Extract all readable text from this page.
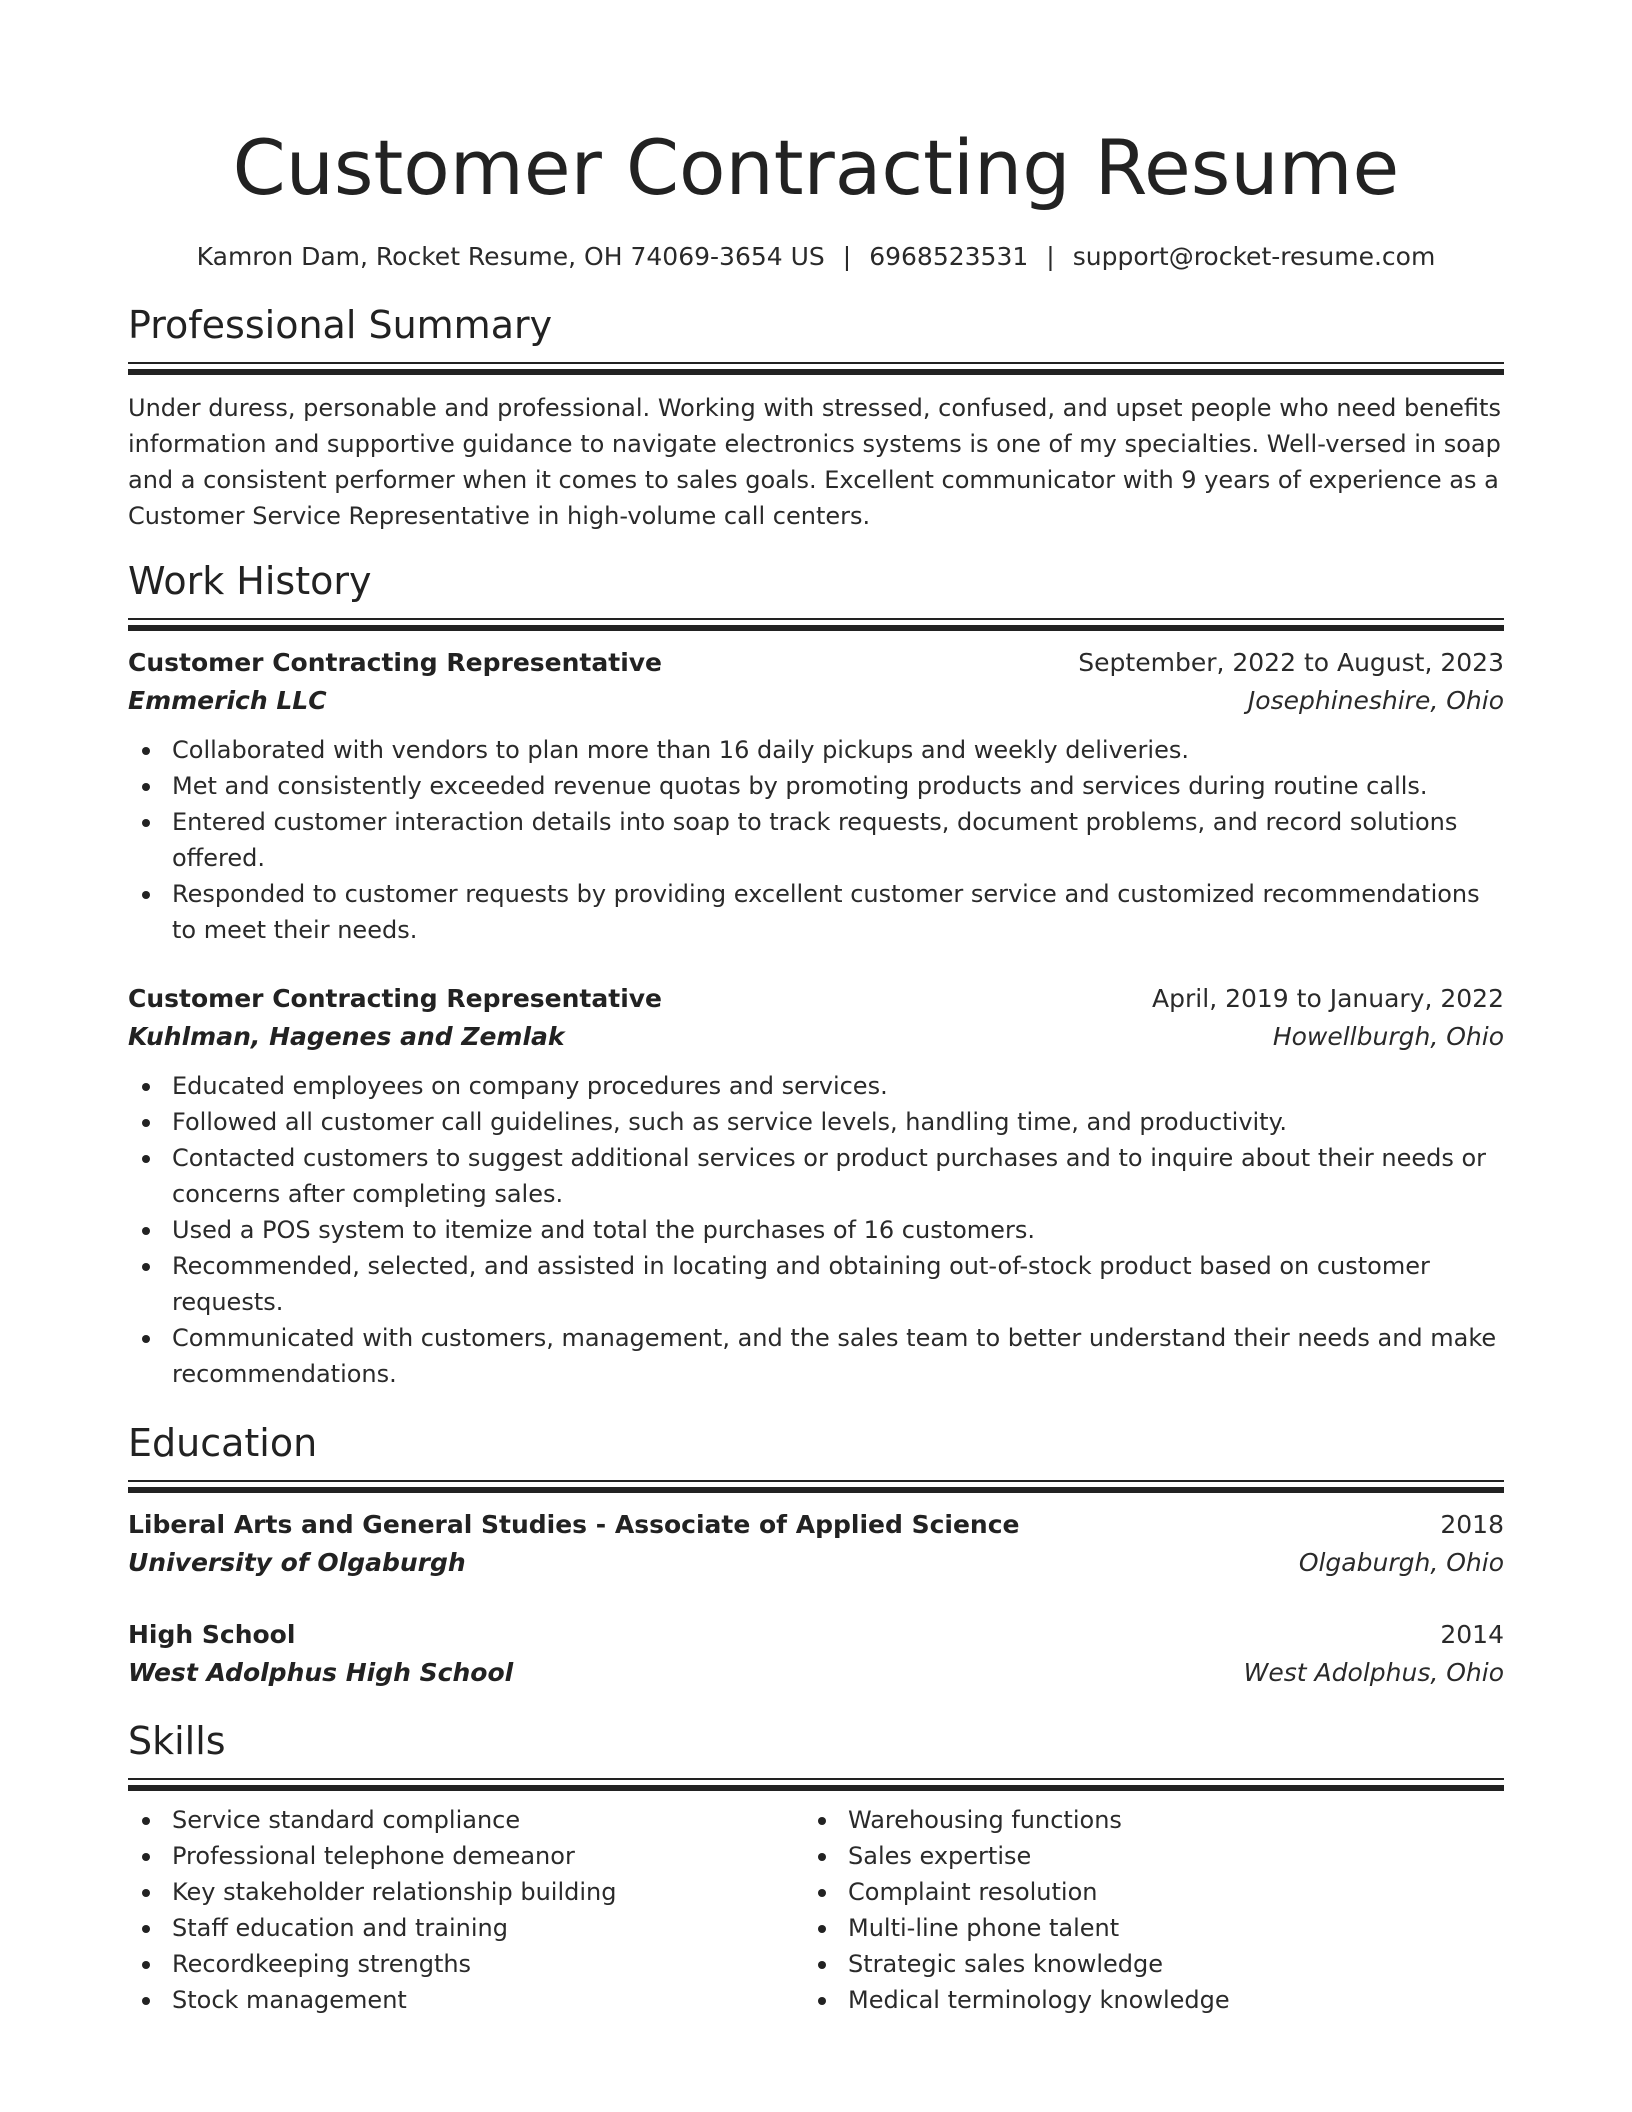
Customer Contracting Resume
Kamron Dam, Rocket Resume, OH 74069-3654 US | 6968523531 | support@rocket-resume.com
Professional Summary

Under duress, personable and professional. Working with stressed, confused, and upset people who need benefits information and supportive guidance to navigate electronics systems is one of my specialties. Well-versed in soap and a consistent performer when it comes to sales goals. Excellent communicator with 9 years of experience as a Customer Service Representative in high-volume call centers.

Work History
Customer Contracting Representative	September, 2022 to August, 2023
Emmerich LLC	Josephineshire, Ohio
Collaborated with vendors to plan more than 16 daily pickups and weekly deliveries.
Met and consistently exceeded revenue quotas by promoting products and services during routine calls.
Entered customer interaction details into soap to track requests, document problems, and record solutions offered.
Responded to customer requests by providing excellent customer service and customized recommendations to meet their needs.
Customer Contracting Representative	April, 2019 to January, 2022
Kuhlman, Hagenes and Zemlak	Howellburgh, Ohio
Educated employees on company procedures and services.
Followed all customer call guidelines, such as service levels, handling time, and productivity.
Contacted customers to suggest additional services or product purchases and to inquire about their needs or concerns after completing sales.
Used a POS system to itemize and total the purchases of 16 customers.
Recommended, selected, and assisted in locating and obtaining out-of-stock product based on customer requests.
Communicated with customers, management, and the sales team to better understand their needs and make recommendations.
Education
Liberal Arts and General Studies - Associate of Applied Science	2018
University of Olgaburgh	Olgaburgh, Ohio
High School	2014
West Adolphus High School	West Adolphus, Ohio
Skills
Service standard compliance
Professional telephone demeanor
Key stakeholder relationship building
Staff education and training
Recordkeeping strengths
Stock management
Warehousing functions
Sales expertise
Complaint resolution
Multi-line phone talent
Strategic sales knowledge
Medical terminology knowledge
